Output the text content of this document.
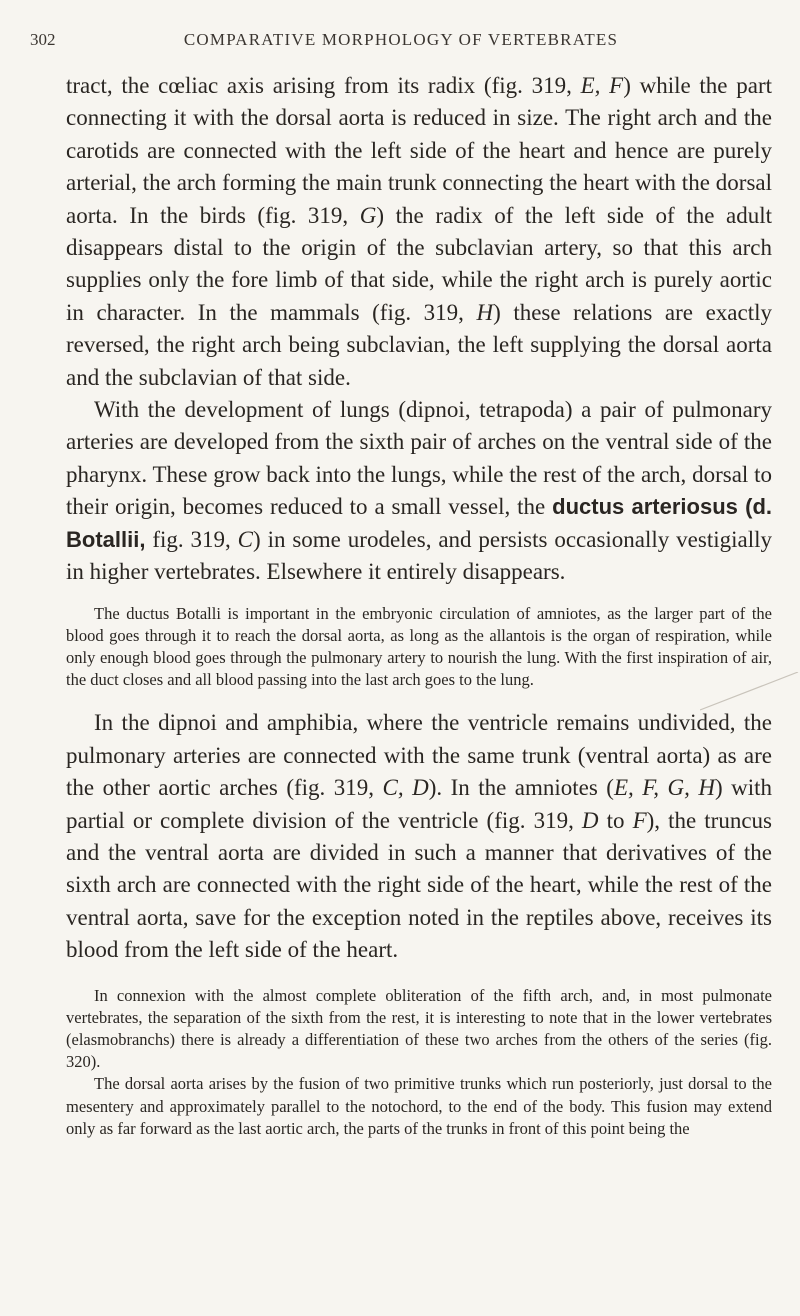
302	COMPARATIVE MORPHOLOGY OF VERTEBRATES

tract, the cœliac axis arising from its radix (fig. 319, E, F) while the part connecting it with the dorsal aorta is reduced in size. The right arch and the carotids are connected with the left side of the heart and hence are purely arterial, the arch forming the main trunk connecting the heart with the dorsal aorta. In the birds (fig. 319, G) the radix of the left side of the adult disappears distal to the origin of the subclavian artery, so that this arch supplies only the fore limb of that side, while the right arch is purely aortic in character. In the mammals (fig. 319, H) these relations are exactly reversed, the right arch being subclavian, the left supplying the dorsal aorta and the subclavian of that side.

With the development of lungs (dipnoi, tetrapoda) a pair of pulmonary arteries are developed from the sixth pair of arches on the ventral side of the pharynx. These grow back into the lungs, while the rest of the arch, dorsal to their origin, becomes reduced to a small vessel, the ductus arteriosus (d. Botallii, fig. 319, C) in some urodeles, and persists occasionally vestigially in higher vertebrates. Elsewhere it entirely disappears.

The ductus Botalli is important in the embryonic circulation of amniotes, as the larger part of the blood goes through it to reach the dorsal aorta, as long as the allantois is the organ of respiration, while only enough blood goes through the pulmonary artery to nourish the lung. With the first inspiration of air, the duct closes and all blood passing into the last arch goes to the lung.

In the dipnoi and amphibia, where the ventricle remains undivided, the pulmonary arteries are connected with the same trunk (ventral aorta) as are the other aortic arches (fig. 319, C, D). In the amniotes (E, F, G, H) with partial or complete division of the ventricle (fig. 319, D to F), the truncus and the ventral aorta are divided in such a manner that derivatives of the sixth arch are connected with the right side of the heart, while the rest of the ventral aorta, save for the exception noted in the reptiles above, receives its blood from the left side of the heart.

In connexion with the almost complete obliteration of the fifth arch, and, in most pulmonate vertebrates, the separation of the sixth from the rest, it is interesting to note that in the lower vertebrates (elasmobranchs) there is already a differentiation of these two arches from the others of the series (fig. 320).

The dorsal aorta arises by the fusion of two primitive trunks which run posteriorly, just dorsal to the mesentery and approximately parallel to the notochord, to the end of the body. This fusion may extend only as far forward as the last aortic arch, the parts of the trunks in front of this point being the
